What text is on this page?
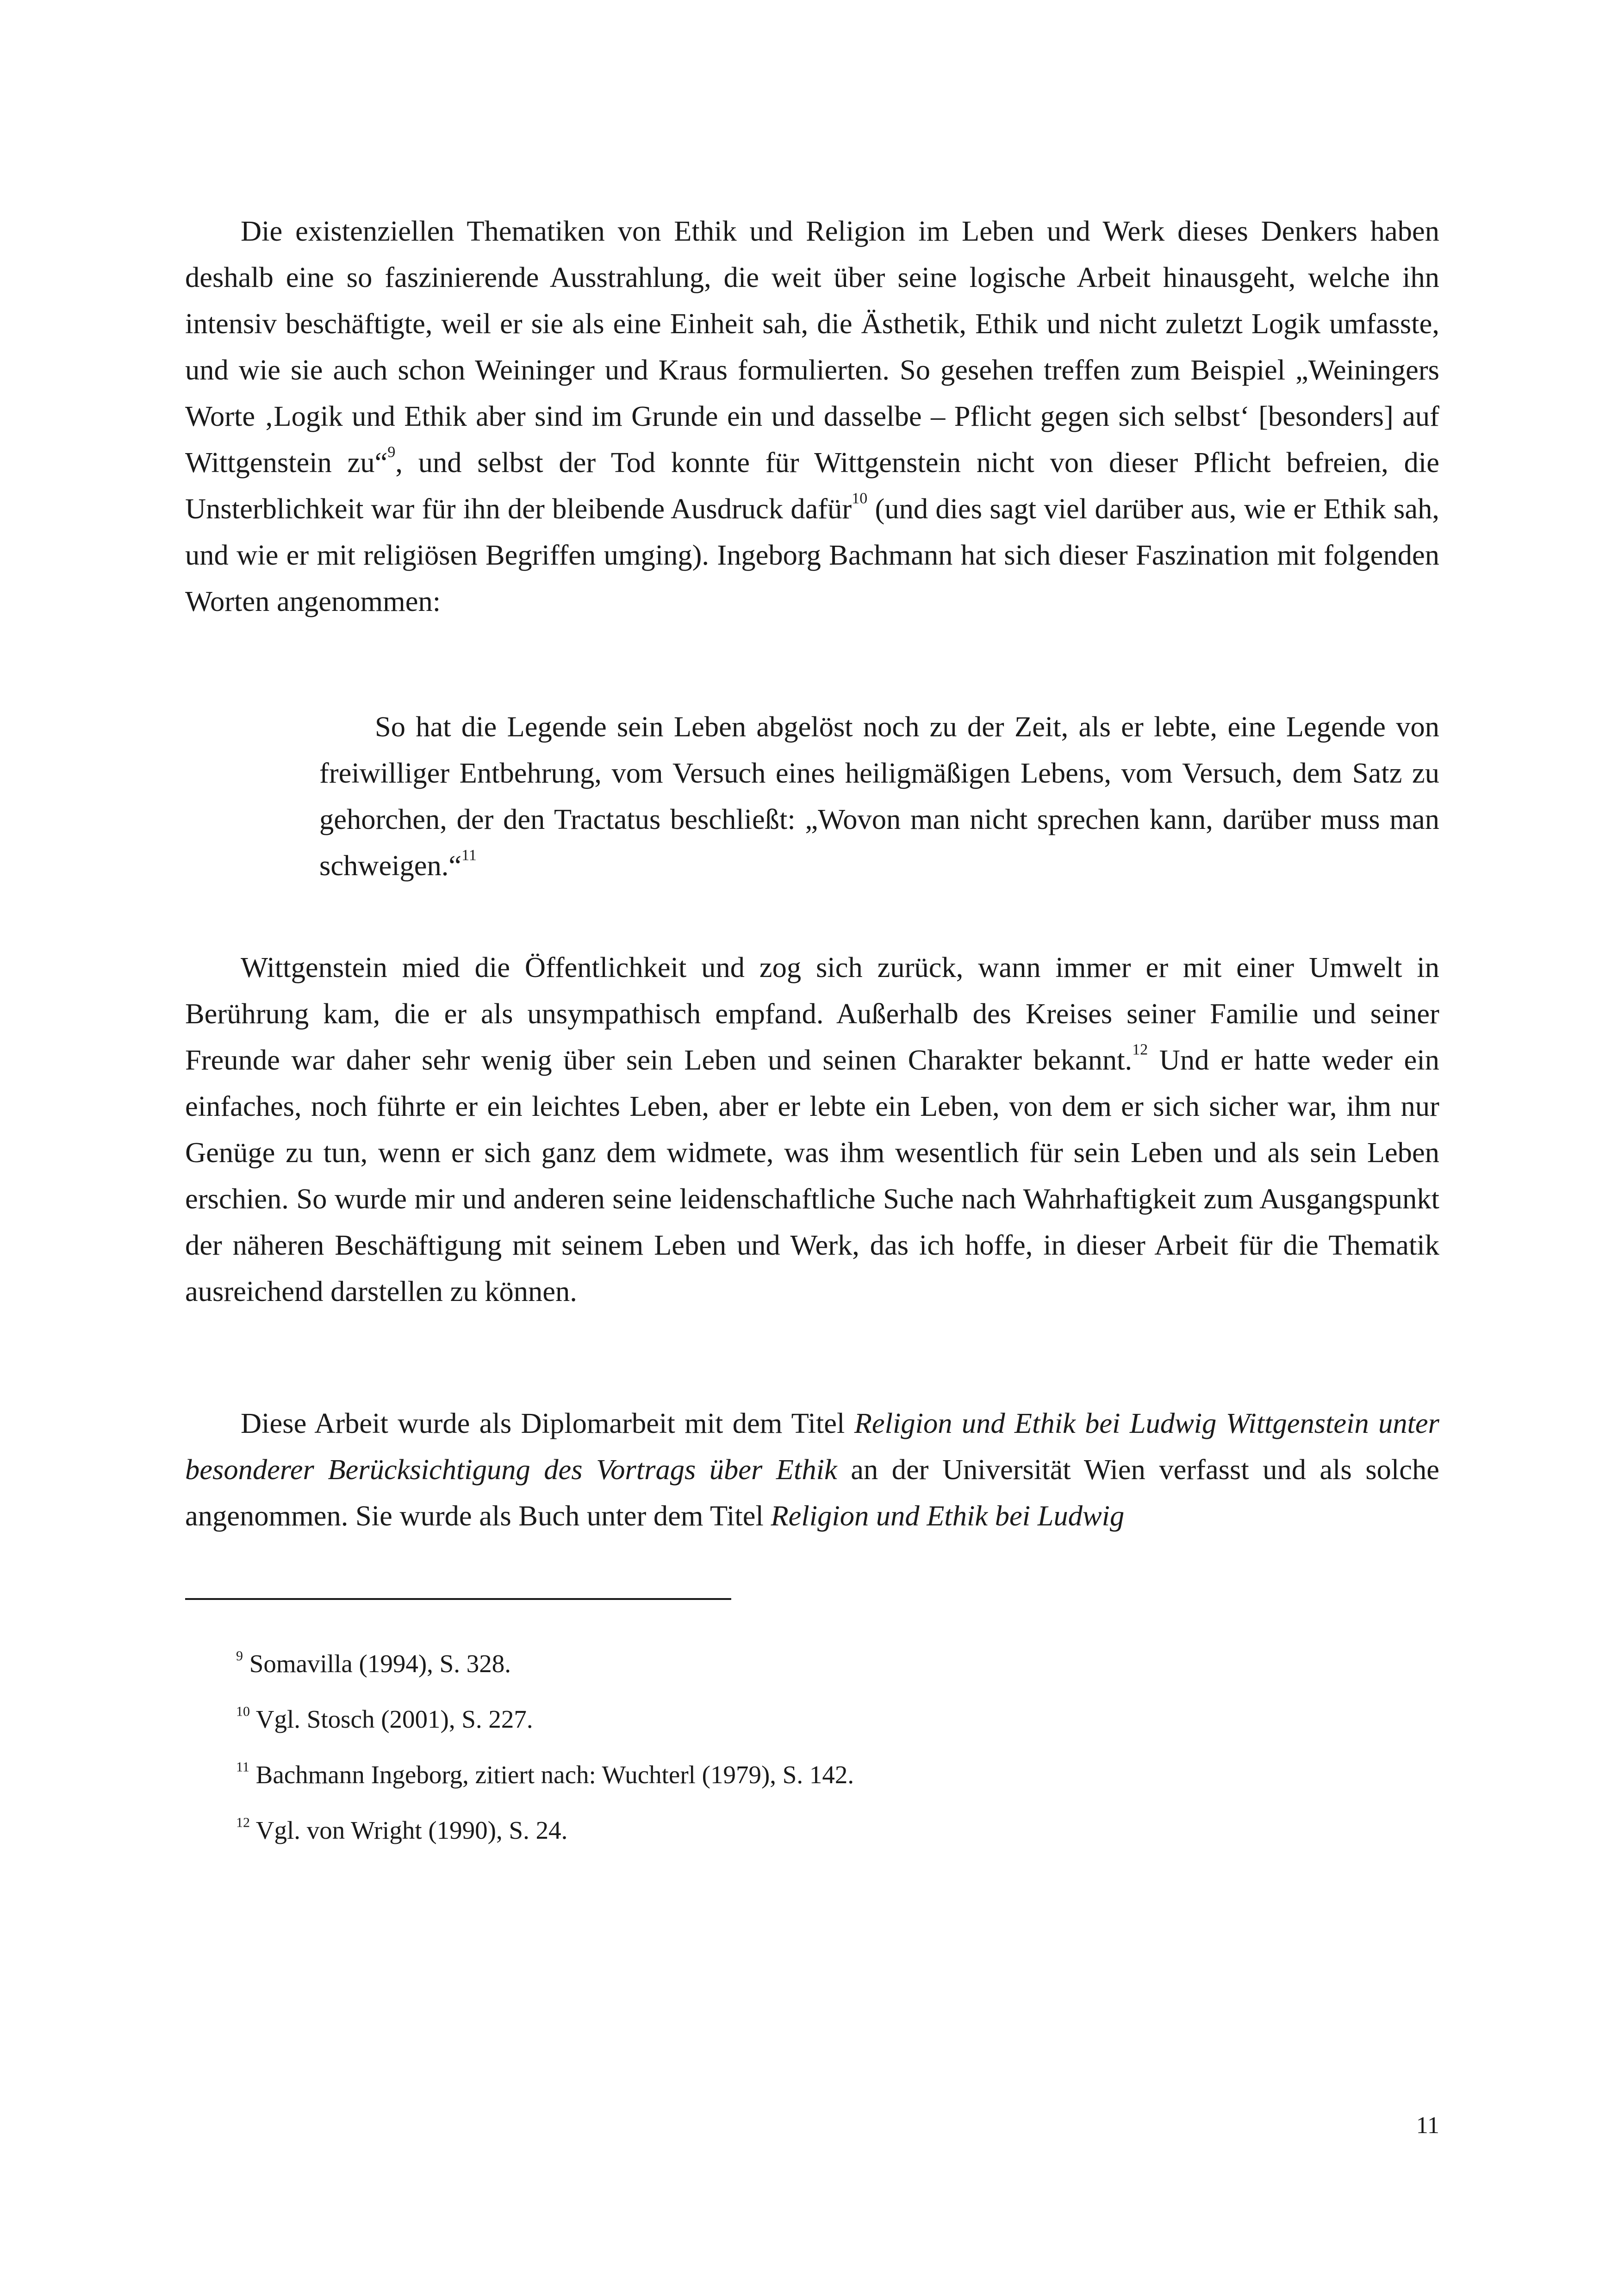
Die existenziellen Thematiken von Ethik und Religion im Leben und Werk dieses Denkers haben deshalb eine so faszinierende Ausstrahlung, die weit über seine logische Arbeit hinausgeht, welche ihn intensiv beschäftigte, weil er sie als eine Einheit sah, die Ästhetik, Ethik und nicht zuletzt Logik umfasste, und wie sie auch schon Weininger und Kraus formulierten. So gesehen treffen zum Beispiel „Weiningers Worte ‚Logik und Ethik aber sind im Grunde ein und dasselbe – Pflicht gegen sich selbst‘ [besonders] auf Wittgenstein zu“$^9$, und selbst der Tod konnte für Wittgenstein nicht von dieser Pflicht befreien, die Unsterblichkeit war für ihn der bleibende Ausdruck dafür$^{10}$ (und dies sagt viel darüber aus, wie er Ethik sah, und wie er mit religiösen Begriffen umging). Ingeborg Bachmann hat sich dieser Faszination mit folgenden Worten angenommen:

So hat die Legende sein Leben abgelöst noch zu der Zeit, als er lebte, eine Legende von freiwilliger Entbehrung, vom Versuch eines heiligmäßigen Lebens, vom Versuch, dem Satz zu gehorchen, der den Tractatus beschließt: „Wovon man nicht sprechen kann, darüber muss man schweigen.“$^{11}$

Wittgenstein mied die Öffentlichkeit und zog sich zurück, wann immer er mit einer Umwelt in Berührung kam, die er als unsympathisch empfand. Außerhalb des Kreises seiner Familie und seiner Freunde war daher sehr wenig über sein Leben und seinen Charakter bekannt.$^{12}$ Und er hatte weder ein einfaches, noch führte er ein leichtes Leben, aber er lebte ein Leben, von dem er sich sicher war, ihm nur Genüge zu tun, wenn er sich ganz dem widmete, was ihm wesentlich für sein Leben und als sein Leben erschien. So wurde mir und anderen seine leidenschaftliche Suche nach Wahrhaftigkeit zum Ausgangspunkt der näheren Beschäftigung mit seinem Leben und Werk, das ich hoffe, in dieser Arbeit für die Thematik ausreichend darstellen zu können.

Diese Arbeit wurde als Diplomarbeit mit dem Titel Religion und Ethik bei Ludwig Wittgenstein unter besonderer Berücksichtigung des Vortrags über Ethik an der Universität Wien verfasst und als solche angenommen. Sie wurde als Buch unter dem Titel Religion und Ethik bei Ludwig

$^9$ Somavilla (1994), S. 328.
$^{10}$ Vgl. Stosch (2001), S. 227.
$^{11}$ Bachmann Ingeborg, zitiert nach: Wuchterl (1979), S. 142.
$^{12}$ Vgl. von Wright (1990), S. 24.
11
